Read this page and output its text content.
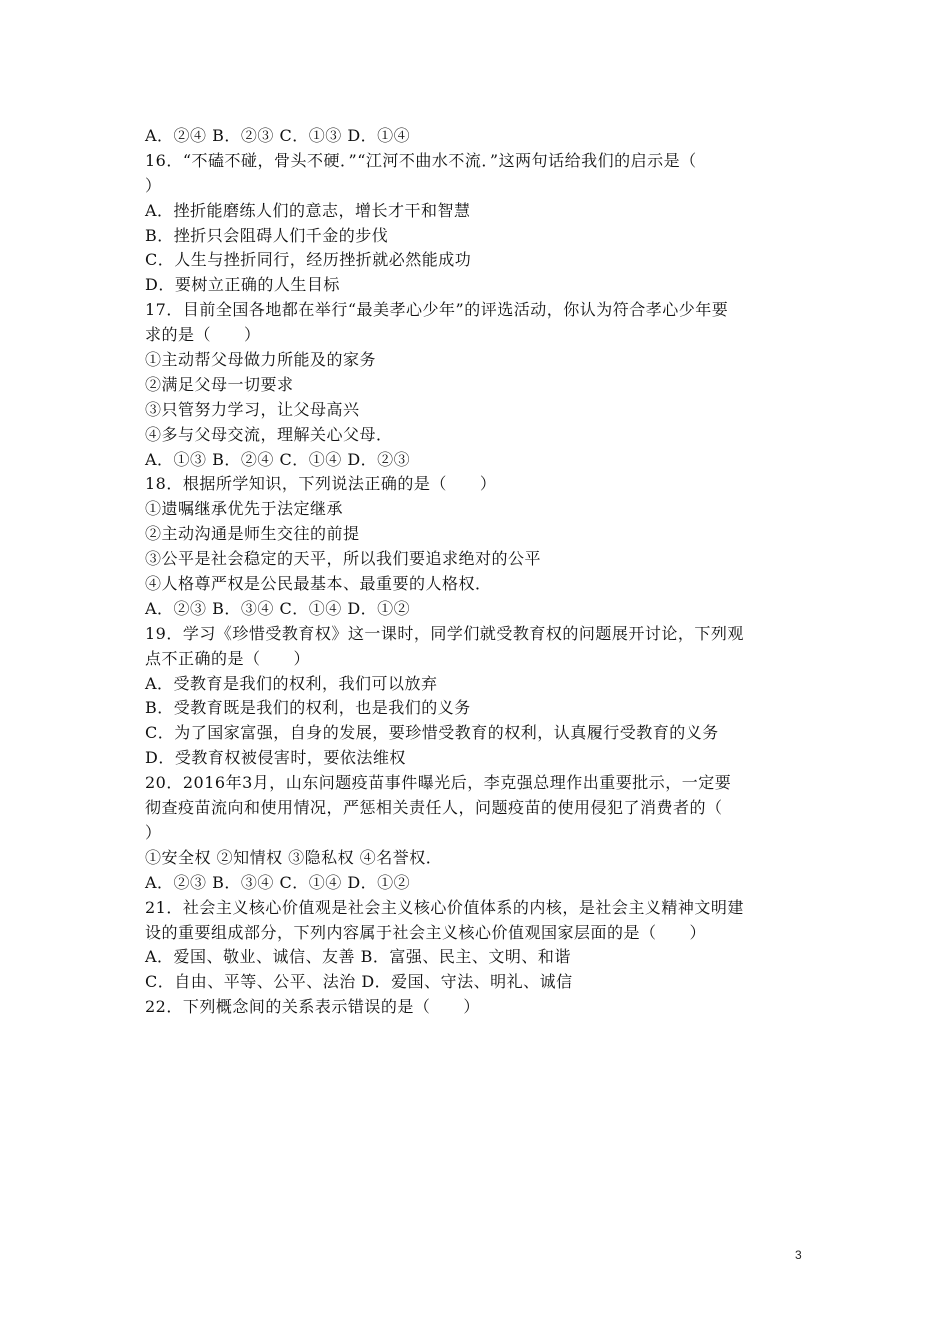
A．②④ B．②③ C．①③ D．①④
16．“不磕不碰，骨头不硬．”“江河不曲水不流．”这两句话给我们的启示是（
）
A．挫折能磨练人们的意志，增长才干和智慧
B．挫折只会阻碍人们千金的步伐
C．人生与挫折同行，经历挫折就必然能成功
D．要树立正确的人生目标
17．目前全国各地都在举行“最美孝心少年”的评选活动，你认为符合孝心少年要
求的是（　　）
①主动帮父母做力所能及的家务
②满足父母一切要求
③只管努力学习，让父母高兴
④多与父母交流，理解关心父母．
A．①③ B．②④ C．①④ D．②③
18．根据所学知识，下列说法正确的是（　　）
①遗嘱继承优先于法定继承
②主动沟通是师生交往的前提
③公平是社会稳定的天平，所以我们要追求绝对的公平
④人格尊严权是公民最基本、最重要的人格权．
A．②③ B．③④ C．①④ D．①②
19．学习《珍惜受教育权》这一课时，同学们就受教育权的问题展开讨论，下列观
点不正确的是（　　）
A．受教育是我们的权利，我们可以放弃
B．受教育既是我们的权利，也是我们的义务
C．为了国家富强，自身的发展，要珍惜受教育的权利，认真履行受教育的义务
D．受教育权被侵害时，要依法维权
20．2016年3月，山东问题疫苗事件曝光后，李克强总理作出重要批示，一定要
彻查疫苗流向和使用情况，严惩相关责任人，问题疫苗的使用侵犯了消费者的（
）
①安全权 ②知情权 ③隐私权 ④名誉权．
A．②③ B．③④ C．①④ D．①②
21．社会主义核心价值观是社会主义核心价值体系的内核，是社会主义精神文明建
设的重要组成部分，下列内容属于社会主义核心价值观国家层面的是（　　）
A．爱国、敬业、诚信、友善 B．富强、民主、文明、和谐
C．自由、平等、公平、法治 D．爱国、守法、明礼、诚信
22．下列概念间的关系表示错误的是（　　）
3
